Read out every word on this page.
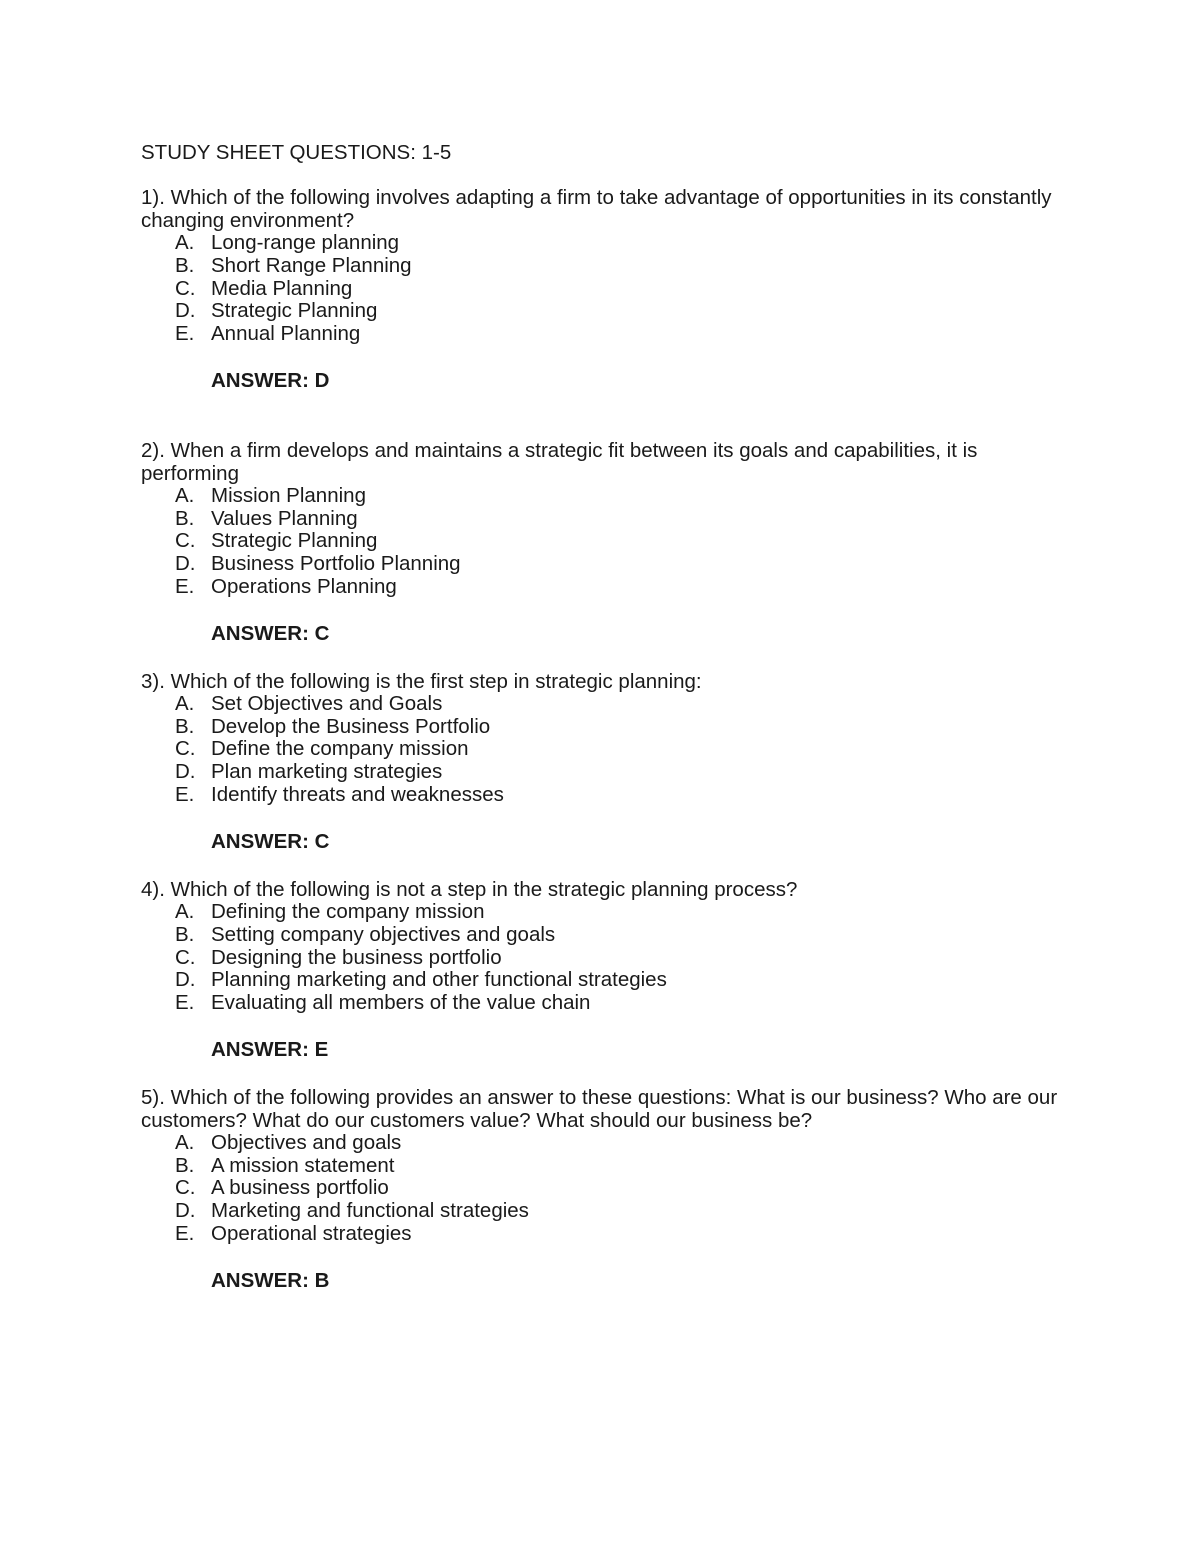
STUDY SHEET QUESTIONS: 1-5

1). Which of the following involves adapting a firm to take advantage of opportunities in its constantly changing environment?

A. Long-range planning
B. Short Range Planning
C. Media Planning
D. Strategic Planning
E. Annual Planning

ANSWER: D

2). When a firm develops and maintains a strategic fit between its goals and capabilities, it is performing

A. Mission Planning
B. Values Planning
C. Strategic Planning
D. Business Portfolio Planning
E. Operations Planning

ANSWER: C

3). Which of the following is the first step in strategic planning:

A. Set Objectives and Goals
B. Develop the Business Portfolio
C. Define the company mission
D. Plan marketing strategies
E. Identify threats and weaknesses

ANSWER: C

4). Which of the following is not a step in the strategic planning process?

A. Defining the company mission
B. Setting company objectives and goals
C. Designing the business portfolio
D. Planning marketing and other functional strategies
E. Evaluating all members of the value chain

ANSWER: E

5). Which of the following provides an answer to these questions: What is our business? Who are our customers? What do our customers value? What should our business be?

A. Objectives and goals
B. A mission statement
C. A business portfolio
D. Marketing and functional strategies
E. Operational strategies

ANSWER: B
